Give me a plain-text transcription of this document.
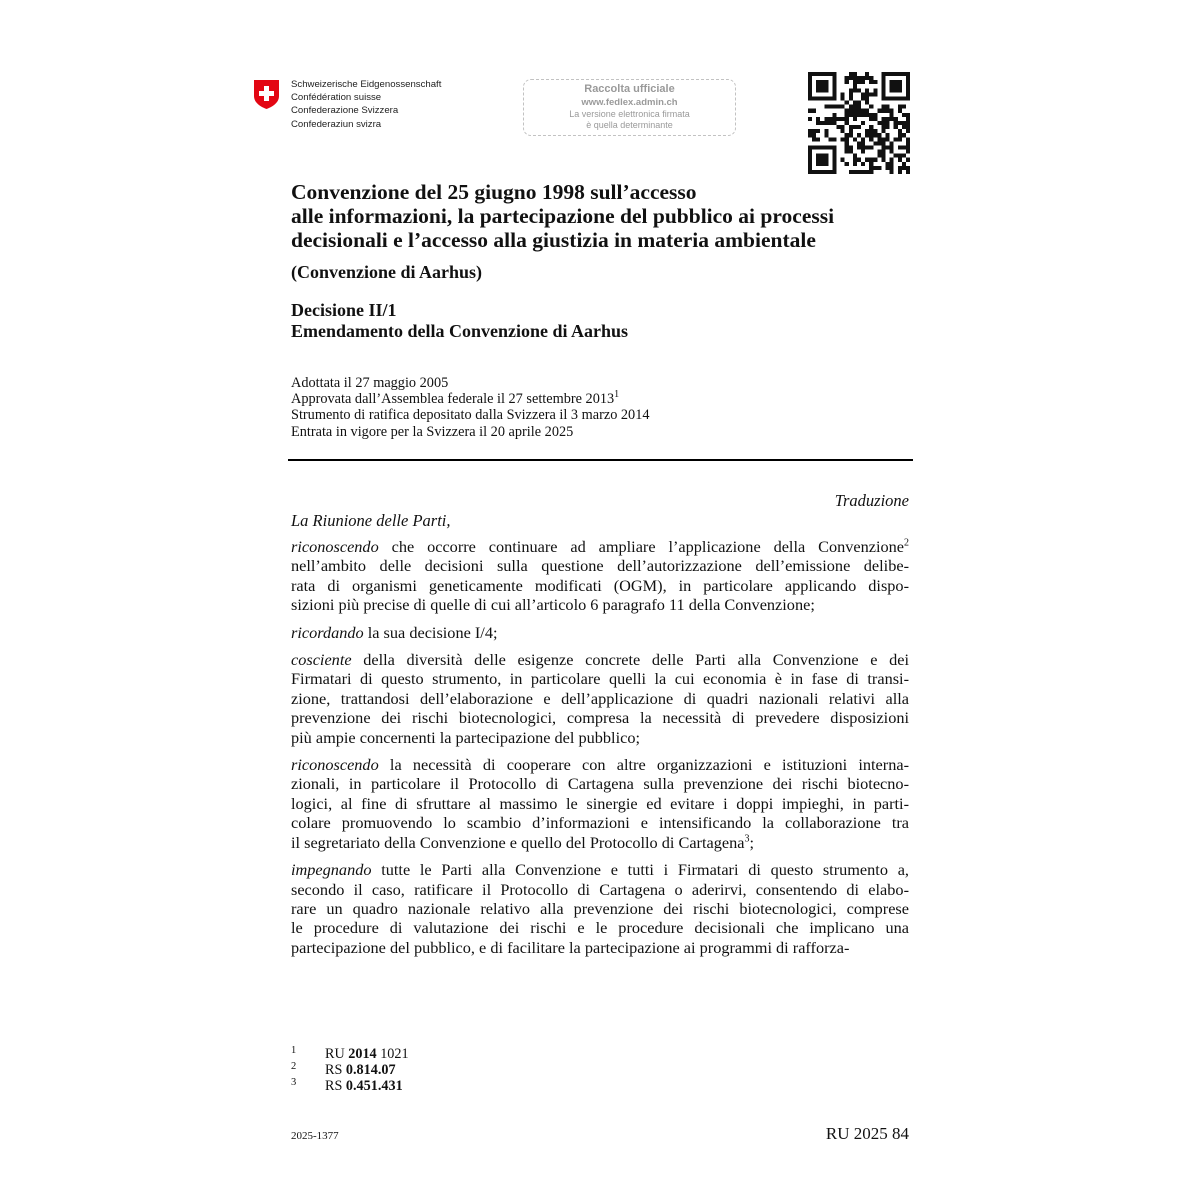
Schweizerische Eidgenossenschaft
Confédération suisse
Confederazione Svizzera
Confederaziun svizra
Raccolta ufficiale
www.fedlex.admin.ch
La versione elettronica firmata
è quella determinante
Convenzione del 25 giugno 1998 sull’accesso
alle informazioni, la partecipazione del pubblico ai processi
decisionali e l’accesso alla giustizia in materia ambientale
(Convenzione di Aarhus)
Decisione II/1
Emendamento della Convenzione di Aarhus
Adottata il 27 maggio 2005
Approvata dall’Assemblea federale il 27 settembre 2013$^1$
Strumento di ratifica depositato dalla Svizzera il 3 marzo 2014
Entrata in vigore per la Svizzera il 20 aprile 2025
Traduzione
La Riunione delle Parti,
riconoscendo che occorre continuare ad ampliare l’applicazione della Convenzione$^2$
nell’ambito delle decisioni sulla questione dell’autorizzazione dell’emissione delibe-
rata di organismi geneticamente modificati (OGM), in particolare applicando dispo-
sizioni più precise di quelle di cui all’articolo 6 paragrafo 11 della Convenzione;
ricordando la sua decisione I/4;
cosciente della diversità delle esigenze concrete delle Parti alla Convenzione e dei
Firmatari di questo strumento, in particolare quelli la cui economia è in fase di transi-
zione, trattandosi dell’elaborazione e dell’applicazione di quadri nazionali relativi alla
prevenzione dei rischi biotecnologici, compresa la necessità di prevedere disposizioni
più ampie concernenti la partecipazione del pubblico;
riconoscendo la necessità di cooperare con altre organizzazioni e istituzioni interna-
zionali, in particolare il Protocollo di Cartagena sulla prevenzione dei rischi biotecno-
logici, al fine di sfruttare al massimo le sinergie ed evitare i doppi impieghi, in parti-
colare promuovendo lo scambio d’informazioni e intensificando la collaborazione tra
il segretariato della Convenzione e quello del Protocollo di Cartagena$^3$;
impegnando tutte le Parti alla Convenzione e tutti i Firmatari di questo strumento a,
secondo il caso, ratificare il Protocollo di Cartagena o aderirvi, consentendo di elabo-
rare un quadro nazionale relativo alla prevenzione dei rischi biotecnologici, comprese
le procedure di valutazione dei rischi e le procedure decisionali che implicano una
partecipazione del pubblico, e di facilitare la partecipazione ai programmi di rafforza-
1 RU 2014 1021
2 RS 0.814.07
3 RS 0.451.431
2025-1377	RU 2025 84
